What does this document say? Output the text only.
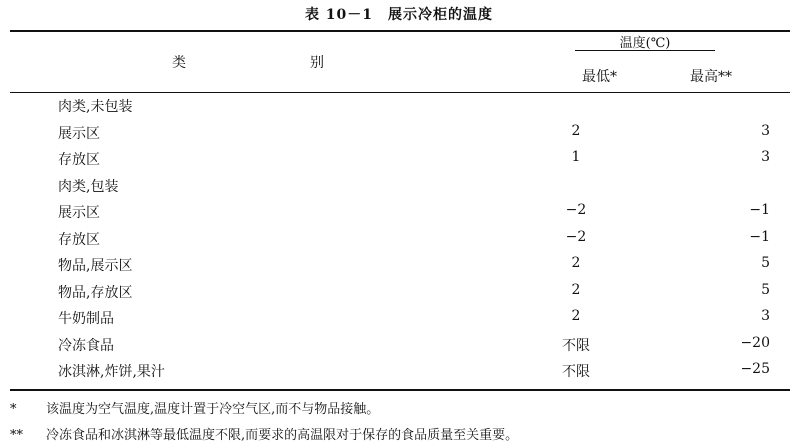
表 10－1　展示冷柜的温度
类	别
温度(℃)
最低*	最高**
肉类,未包装
展示区	2	3
存放区	1	3
肉类,包装
展示区	−2	−1
存放区	−2	−1
物品,展示区	2	5
物品,存放区	2	5
牛奶制品	2	3
冷冻食品	不限	−20
冰淇淋,炸饼,果汁	不限	−25
* 该温度为空气温度,温度计置于冷空气区,而不与物品接触。
** 冷冻食品和冰淇淋等最低温度不限,而要求的高温限对于保存的食品质量至关重要。
